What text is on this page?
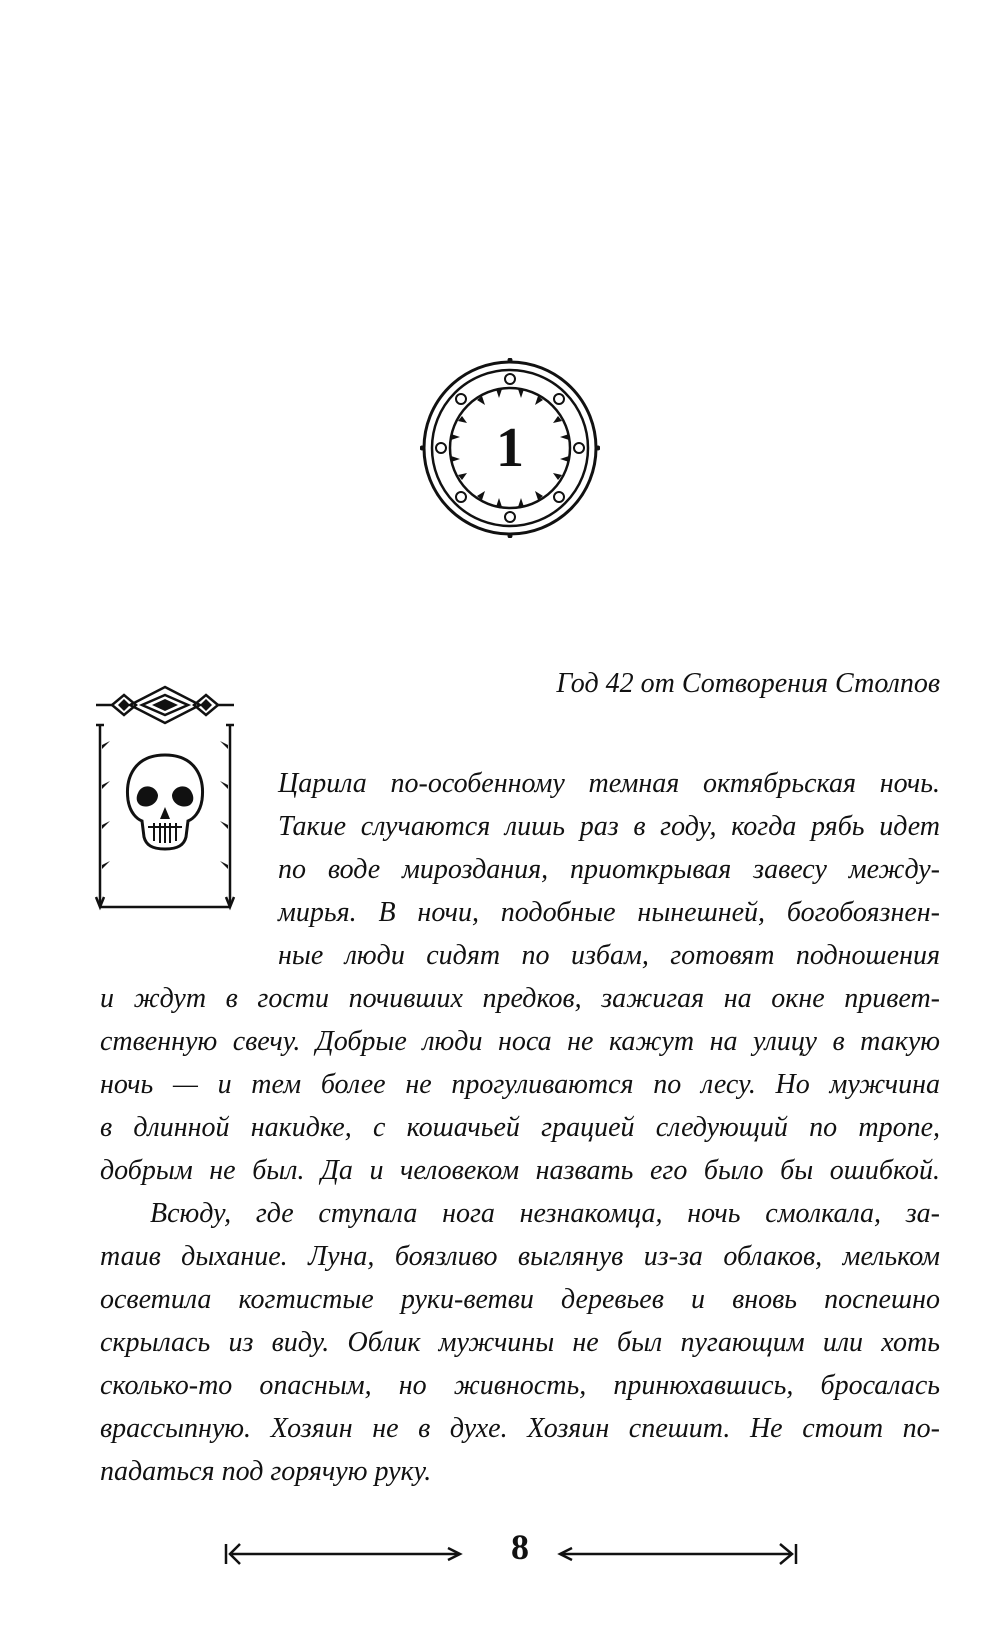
1
Год 42 от Сотворения Столпов
Царила по-особенному темная октябрьская ночь.
Такие случаются лишь раз в году, когда рябь идет
по воде мироздания, приоткрывая завесу между-
мирья. В ночи, подобные нынешней, богобоязнен-
ные люди сидят по избам, готовят подношения
и ждут в гости почивших предков, зажигая на окне привет-
ственную свечу. Добрые люди носа не кажут на улицу в такую
ночь — и тем более не прогуливаются по лесу. Но мужчина
в длинной накидке, с кошачьей грацией следующий по тропе,
добрым не был. Да и человеком назвать его было бы ошибкой.
Всюду, где ступала нога незнакомца, ночь смолкала, за-
таив дыхание. Луна, боязливо выглянув из-за облаков, мельком
осветила когтистые руки-ветви деревьев и вновь поспешно
скрылась из виду. Облик мужчины не был пугающим или хоть
сколько-то опасным, но живность, принюхавшись, бросалась
врассыпную. Хозяин не в духе. Хозяин спешит. Не стоит по-
падаться под горячую руку.
8
